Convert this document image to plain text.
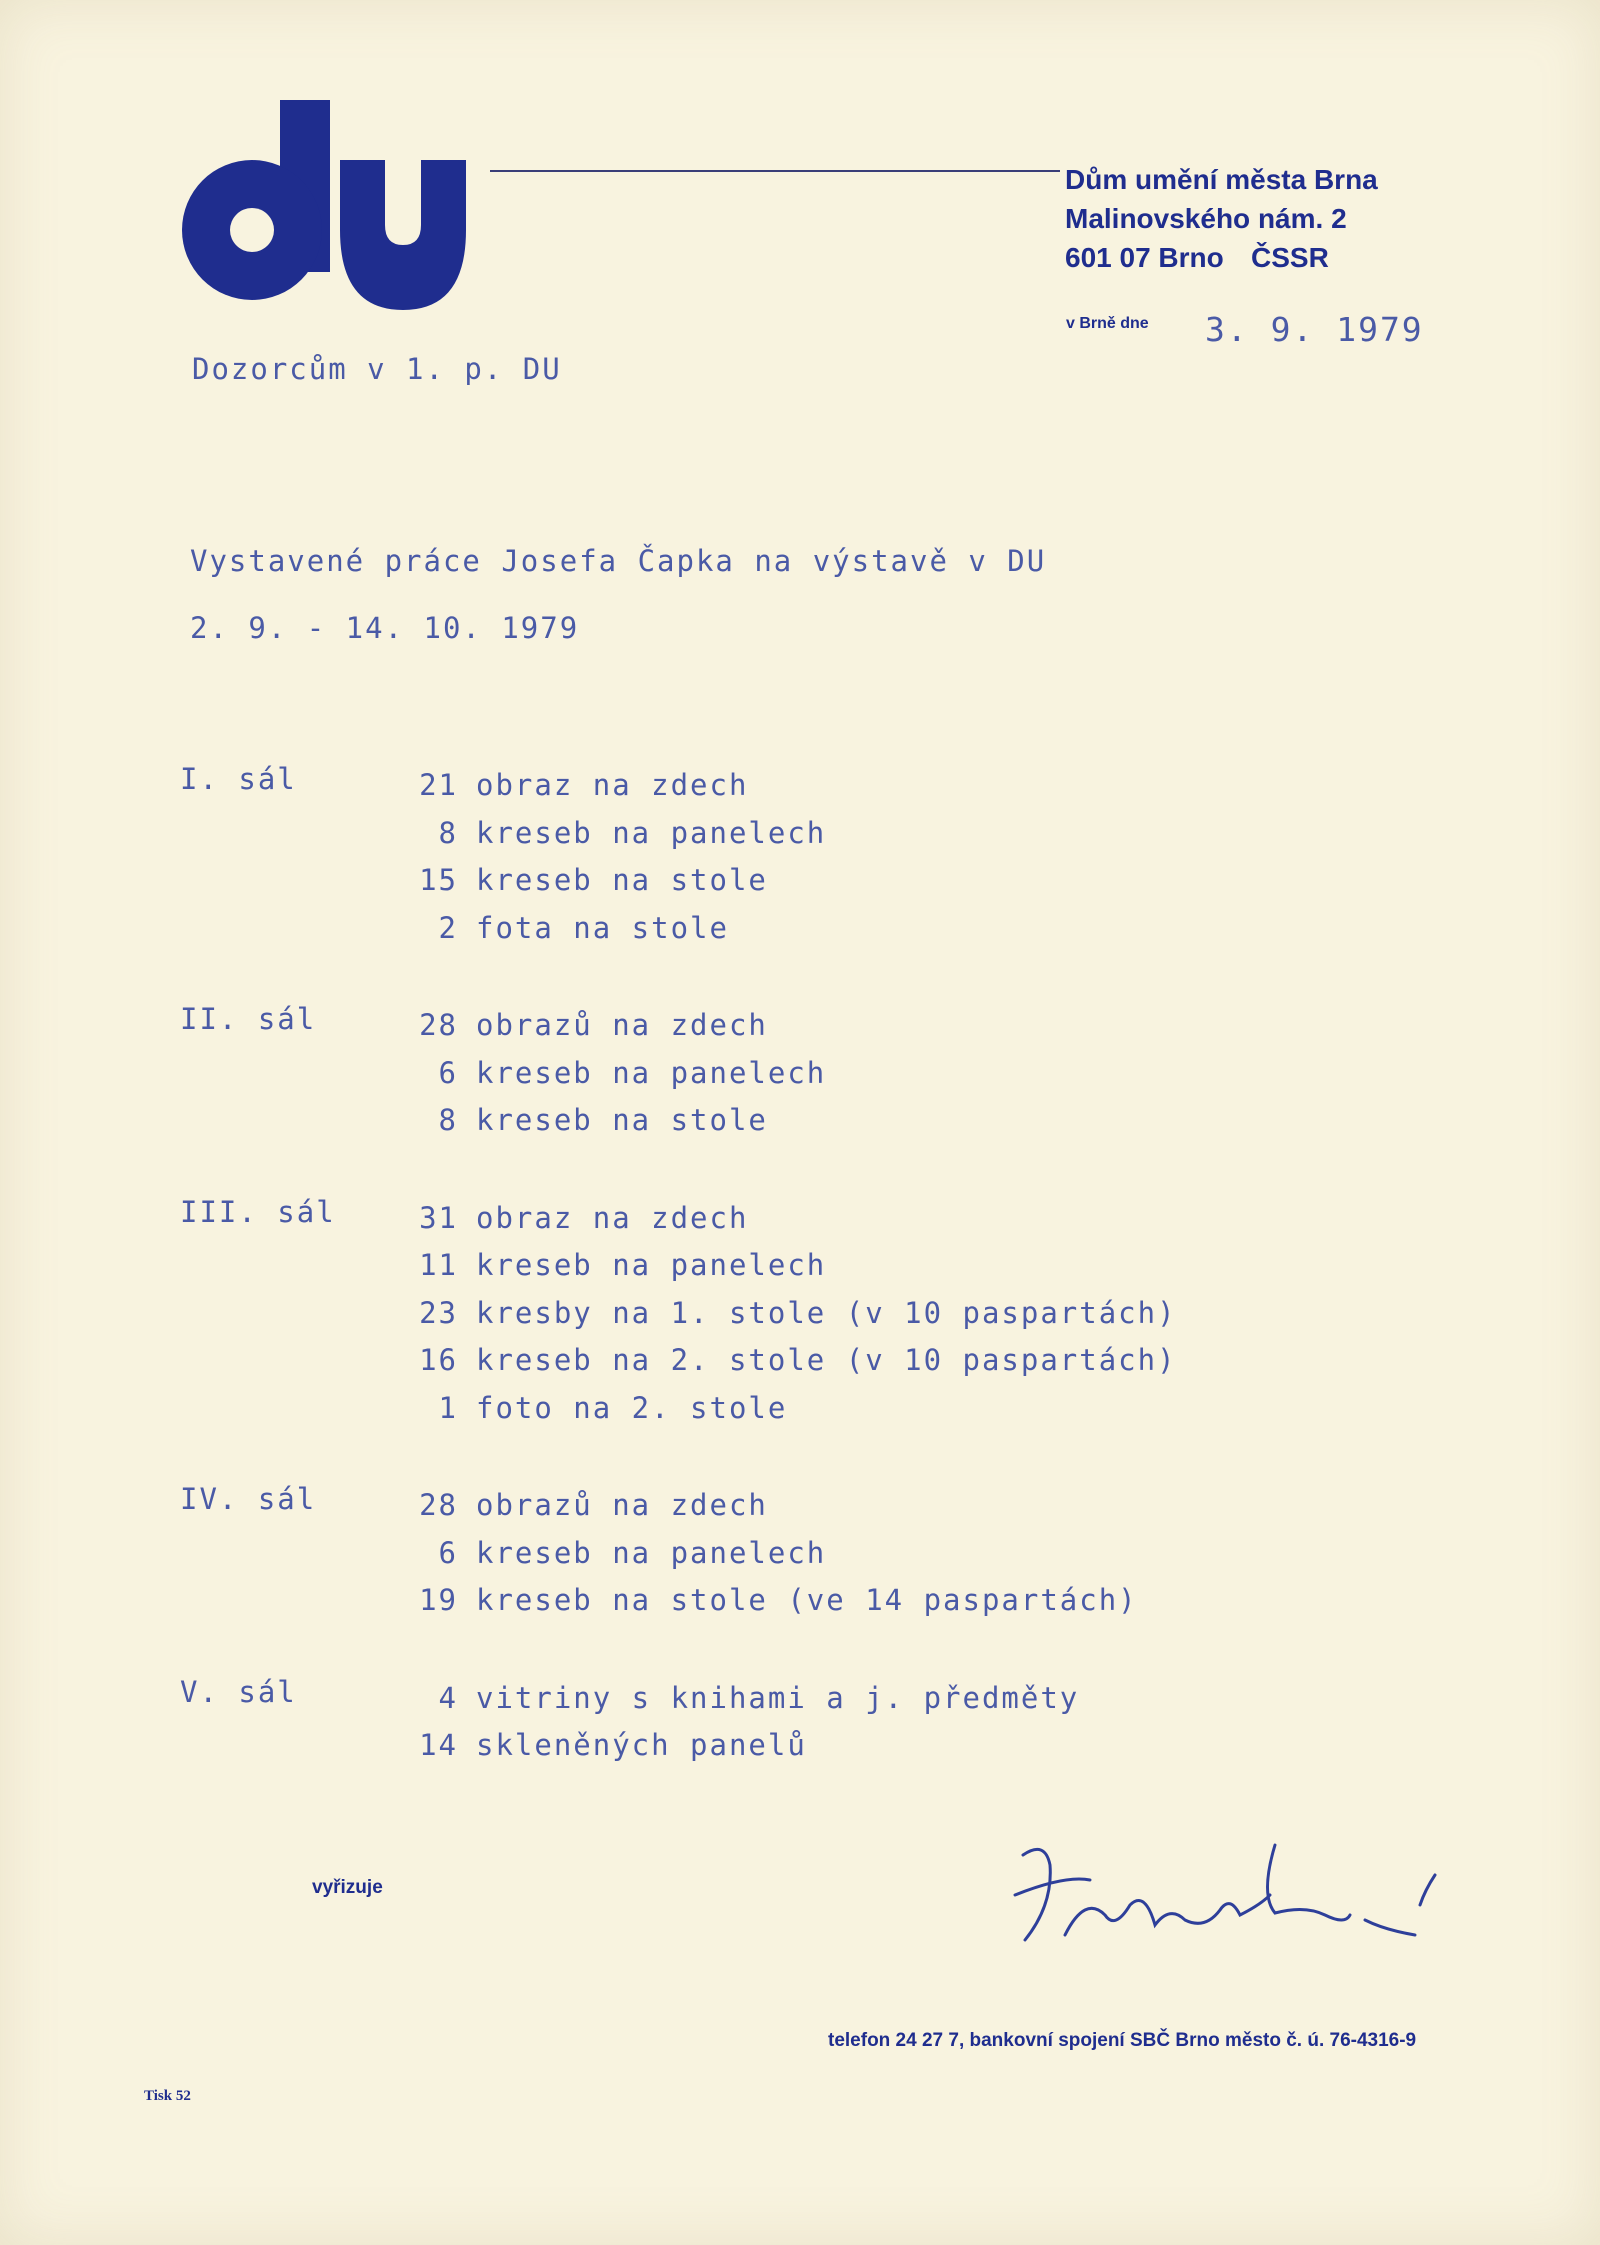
Dům umění města Brna
Malinovského nám. 2
601 07 Brno ČSSR
v Brně dne 3. 9. 1979
Dozorcům v 1. p. DU
Vystavené práce Josefa Čapka na výstavě v DU
2. 9. - 14. 10. 1979
I. sál	21 obraz na zdech
8 kreseb na panelech
15 kreseb na stole
2 fota na stole
II. sál	28 obrazů na zdech
6 kreseb na panelech
8 kreseb na stole
III. sál	31 obraz na zdech
11 kreseb na panelech
23 kresby na 1. stole (v 10 paspartách)
16 kreseb na 2. stole (v 10 paspartách)
1 foto na 2. stole
IV. sál	28 obrazů na zdech
6 kreseb na panelech
19 kreseb na stole (ve 14 paspartách)
V. sál	4 vitriny s knihami a j. předměty
14 skleněných panelů
vyřizuje
telefon 24 27 7, bankovní spojení SBČ Brno město č. ú. 76-4316-9
Tisk 52
